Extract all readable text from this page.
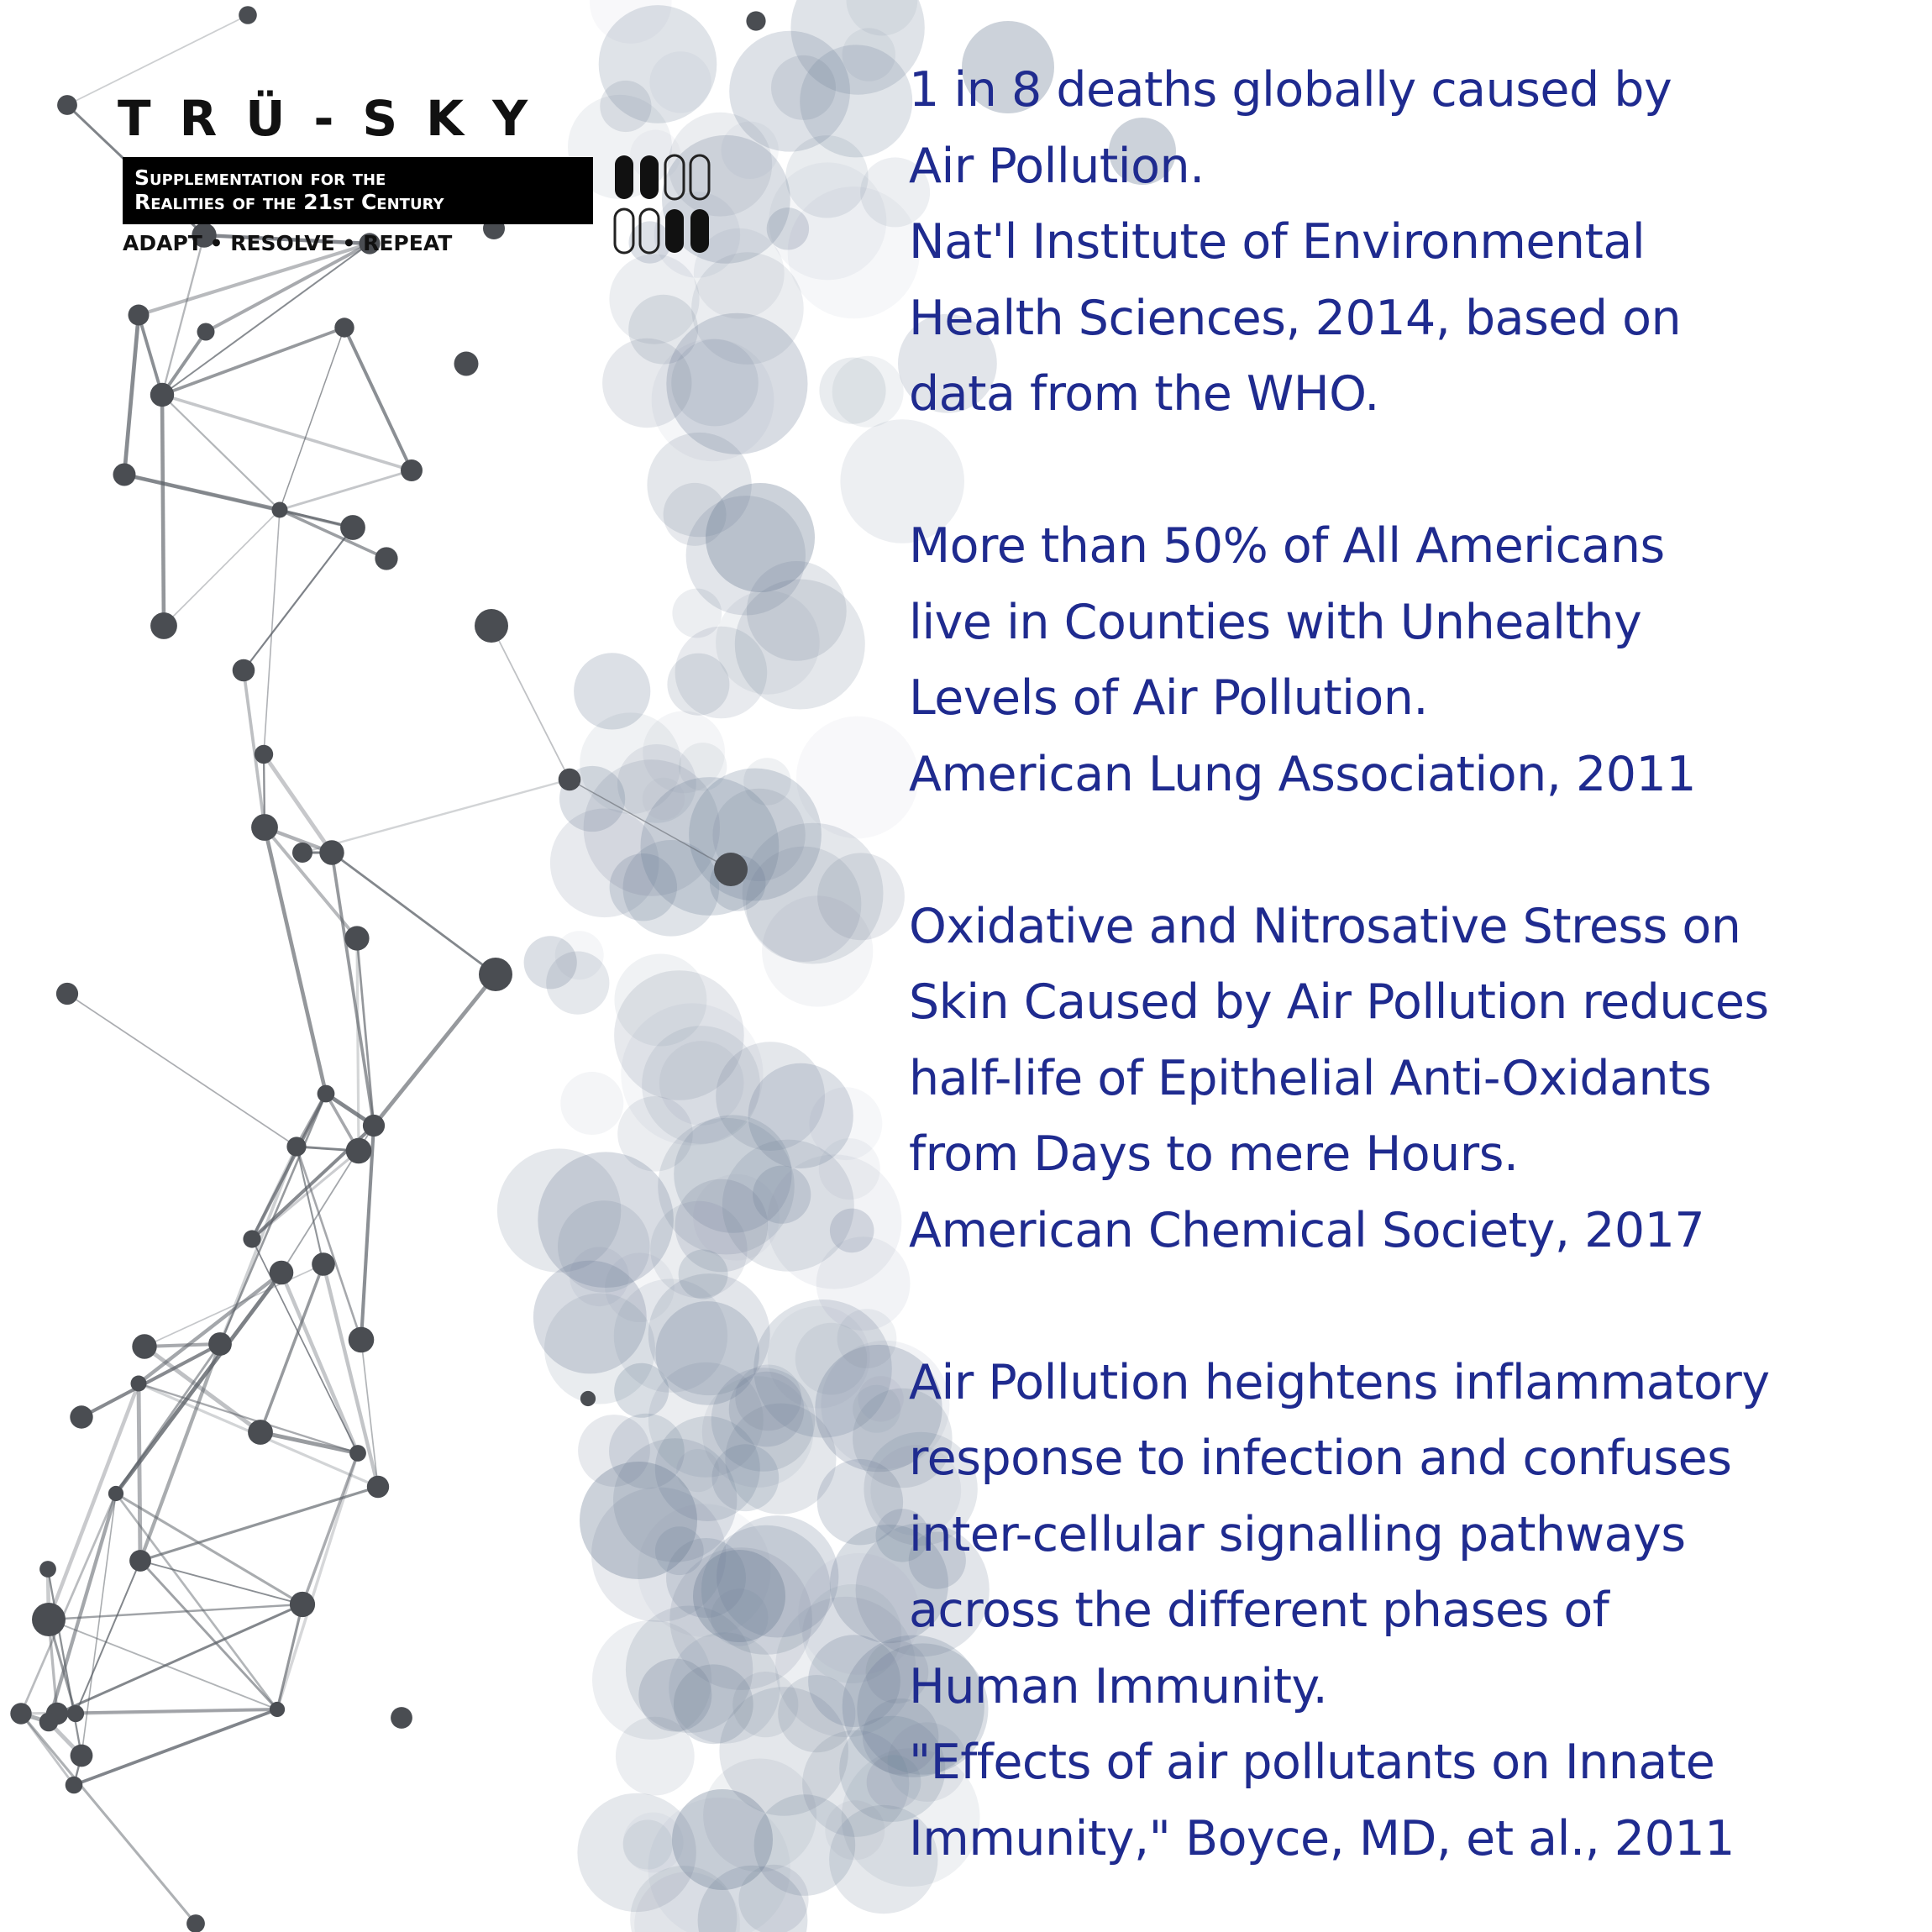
TRÜ-SKY
Supplementation for the
Realities of the 21st Century
ADAPT • RESOLVE • REPEAT
1 in 8 deaths globally caused by
Air Pollution.
Nat'l Institute of Environmental
Health Sciences, 2014, based on
data from the WHO.
More than 50% of All Americans
live in Counties with Unhealthy
Levels of Air Pollution.
American Lung Association, 2011
Oxidative and Nitrosative Stress on
Skin Caused by Air Pollution reduces
half-life of Epithelial Anti-Oxidants
from Days to mere Hours.
American Chemical Society, 2017
Air Pollution heightens inflammatory
response to infection and confuses
inter-cellular signalling pathways
across the different phases of
Human Immunity.
"Effects of air pollutants on Innate
Immunity," Boyce, MD, et al., 2011
